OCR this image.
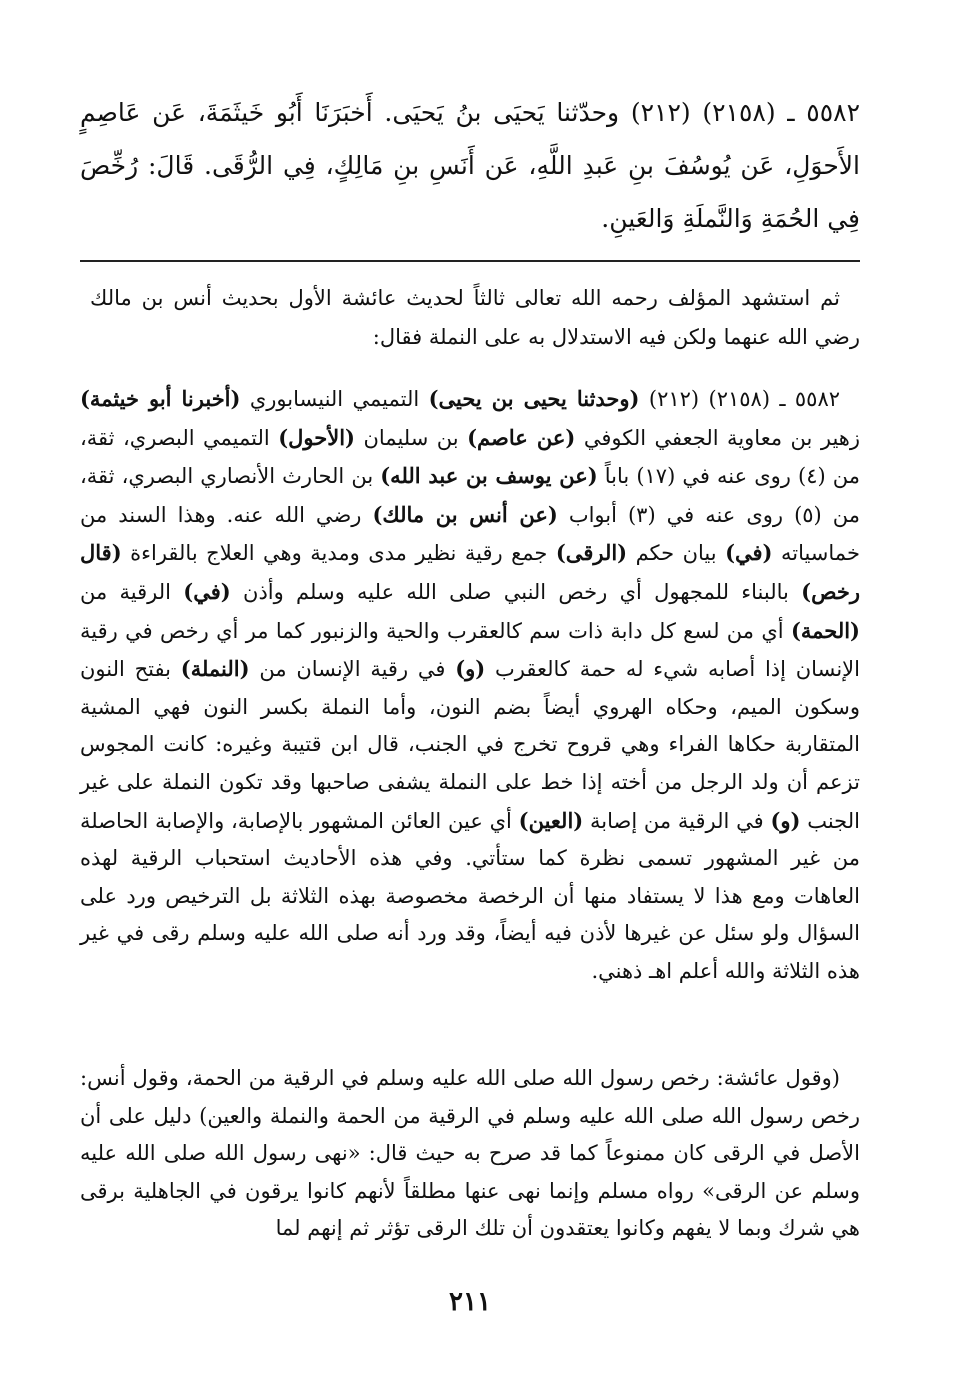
٥٥٨٢ ـ (٢١٥٨) (٢١٢) وحدّثنا يَحيَى بنُ يَحيَى. أَخبَرَنَا أَبُو خَيثَمَةَ، عَن عَاصِمٍ الأَحوَلِ، عَن يُوسُفَ بنِ عَبدِ اللَّهِ، عَن أَنَسِ بنِ مَالِكٍ، فِي الرُّقَى. قَالَ: رُخِّصَ فِي الحُمَةِ وَالنَّملَةِ وَالعَينِ.

ثم استشهد المؤلف رحمه الله تعالى ثالثاً لحديث عائشة الأول بحديث أنس بن مالك رضي الله عنهما ولكن فيه الاستدلال به على النملة فقال:

٥٥٨٢ ـ (٢١٥٨) (٢١٢) (وحدثنا يحيى بن يحيى) التميمي النيسابوري (أخبرنا أبو خيثمة) زهير بن معاوية الجعفي الكوفي (عن عاصم) بن سليمان (الأحول) التميمي البصري، ثقة، من (٤) روى عنه في (١٧) باباً (عن يوسف بن عبد الله) بن الحارث الأنصاري البصري، ثقة، من (٥) روى عنه في (٣) أبواب (عن أنس بن مالك) رضي الله عنه. وهذا السند من خماسياته (في) بيان حكم (الرقى) جمع رقية نظير مدى ومدية وهي العلاج بالقراءة (قال رخص) بالبناء للمجهول أي رخص النبي صلى الله عليه وسلم وأذن (في) الرقية من (الحمة) أي من لسع كل دابة ذات سم كالعقرب والحية والزنبور كما مر أي رخص في رقية الإنسان إذا أصابه شيء له حمة كالعقرب (و) في رقية الإنسان من (النملة) بفتح النون وسكون الميم، وحكاه الهروي أيضاً بضم النون، وأما النملة بكسر النون فهي المشية المتقاربة حكاها الفراء وهي قروح تخرج في الجنب، قال ابن قتيبة وغيره: كانت المجوس تزعم أن ولد الرجل من أخته إذا خط على النملة يشفى صاحبها وقد تكون النملة على غير الجنب (و) في الرقية من إصابة (العين) أي عين العائن المشهور بالإصابة، والإصابة الحاصلة من غير المشهور تسمى نظرة كما ستأتي. وفي هذه الأحاديث استحباب الرقية لهذه العاهات ومع هذا لا يستفاد منها أن الرخصة مخصوصة بهذه الثلاثة بل الترخيص ورد على السؤال ولو سئل عن غيرها لأذن فيه أيضاً، وقد ورد أنه صلى الله عليه وسلم رقى في غير هذه الثلاثة والله أعلم اهـ ذهني.

(وقول عائشة: رخص رسول الله صلى الله عليه وسلم في الرقية من الحمة، وقول أنس: رخص رسول الله صلى الله عليه وسلم في الرقية من الحمة والنملة والعين) دليل على أن الأصل في الرقى كان ممنوعاً كما قد صرح به حيث قال: «نهى رسول الله صلى الله عليه وسلم عن الرقى» رواه مسلم وإنما نهى عنها مطلقاً لأنهم كانوا يرقون في الجاهلية برقى هي شرك وبما لا يفهم وكانوا يعتقدون أن تلك الرقى تؤثر ثم إنهم لما

٢١١
